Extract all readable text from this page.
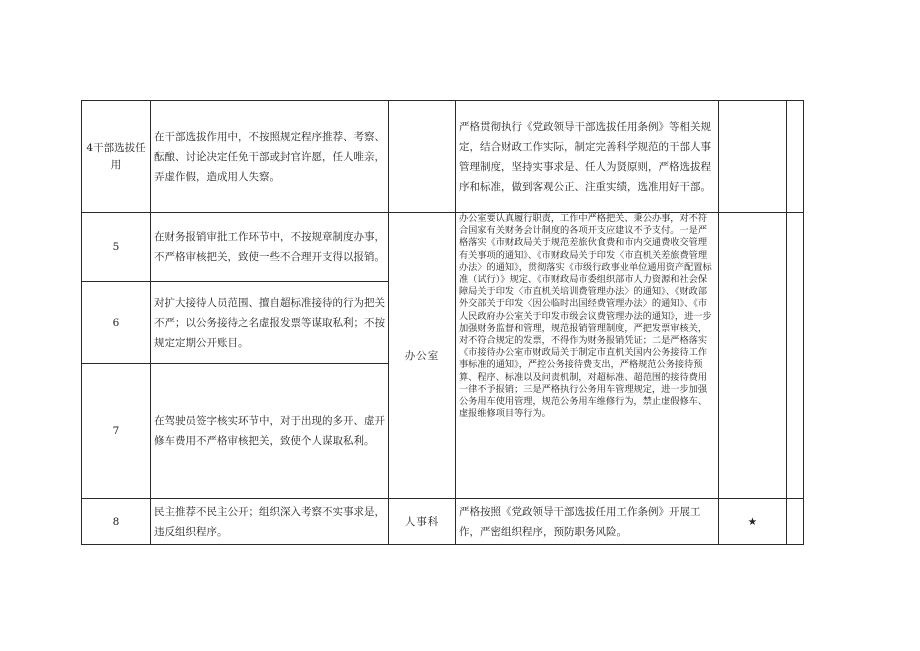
4干部选拔任用	在干部选拔作用中，不按照规定程序推荐、考察、酝酿、讨论决定任免干部或封官许愿，任人唯亲，弄虚作假，造成用人失察。		严格贯彻执行《党政领导干部选拔任用条例》等相关规定，结合财政工作实际，制定完善科学规范的干部人事管理制度，坚持实事求是、任人为贤原则，严格选拔程序和标准，做到客观公正、注重实绩，选准用好干部。		
5	在财务报销审批工作环节中，不按规章制度办事，不严格审核把关，致使一些不合理开支得以报销。	办公室	办公室要认真履行职责，工作中严格把关、秉公办事，对不符合国家有关财务会计制度的各项开支应建议不予支付。一是严格落实《市财政局关于规范差旅伙食费和市内交通费收交管理有关事项的通知》、《市财政局关于印发〈市直机关差旅费管理办法〉的通知》，贯彻落实《市级行政事业单位通用资产配置标准（试行）》规定、《市财政局市委组织部市人力资源和社会保障局关于印发〈市直机关培训费管理办法〉的通知》、《财政部外交部关于印发〈因公临时出国经费管理办法〉的通知》、《市人民政府办公室关于印发市级会议费管理办法的通知》，进一步加强财务监督和管理，规范报销管理制度，严把发票审核关，对不符合规定的发票，不得作为财务报销凭证；二是严格落实《市接待办公室市财政局关于制定市直机关国内公务接待工作事标准的通知》，严控公务接待费支出，严格规范公务接待预算、程序、标准以及问责机制，对超标准、超范围的接待费用一律不予报销；三是严格执行公务用车管理规定，进一步加强公务用车使用管理，规范公务用车维修行为，禁止虚假修车、虚报维修项目等行为。		
6	对扩大接待人员范围、擅自超标准接待的行为把关不严；以公务接待之名虚报发票等谋取私利；不按规定定期公开账目。				
7	在驾驶员签字核实环节中，对于出现的多开、虚开修车费用不严格审核把关，致使个人谋取私利。				
8	民主推荐不民主公开；组织深入考察不实事求是，违反组织程序。	人事科	严格按照《党政领导干部选拔任用工作条例》开展工作，严密组织程序，预防职务风险。	★	
